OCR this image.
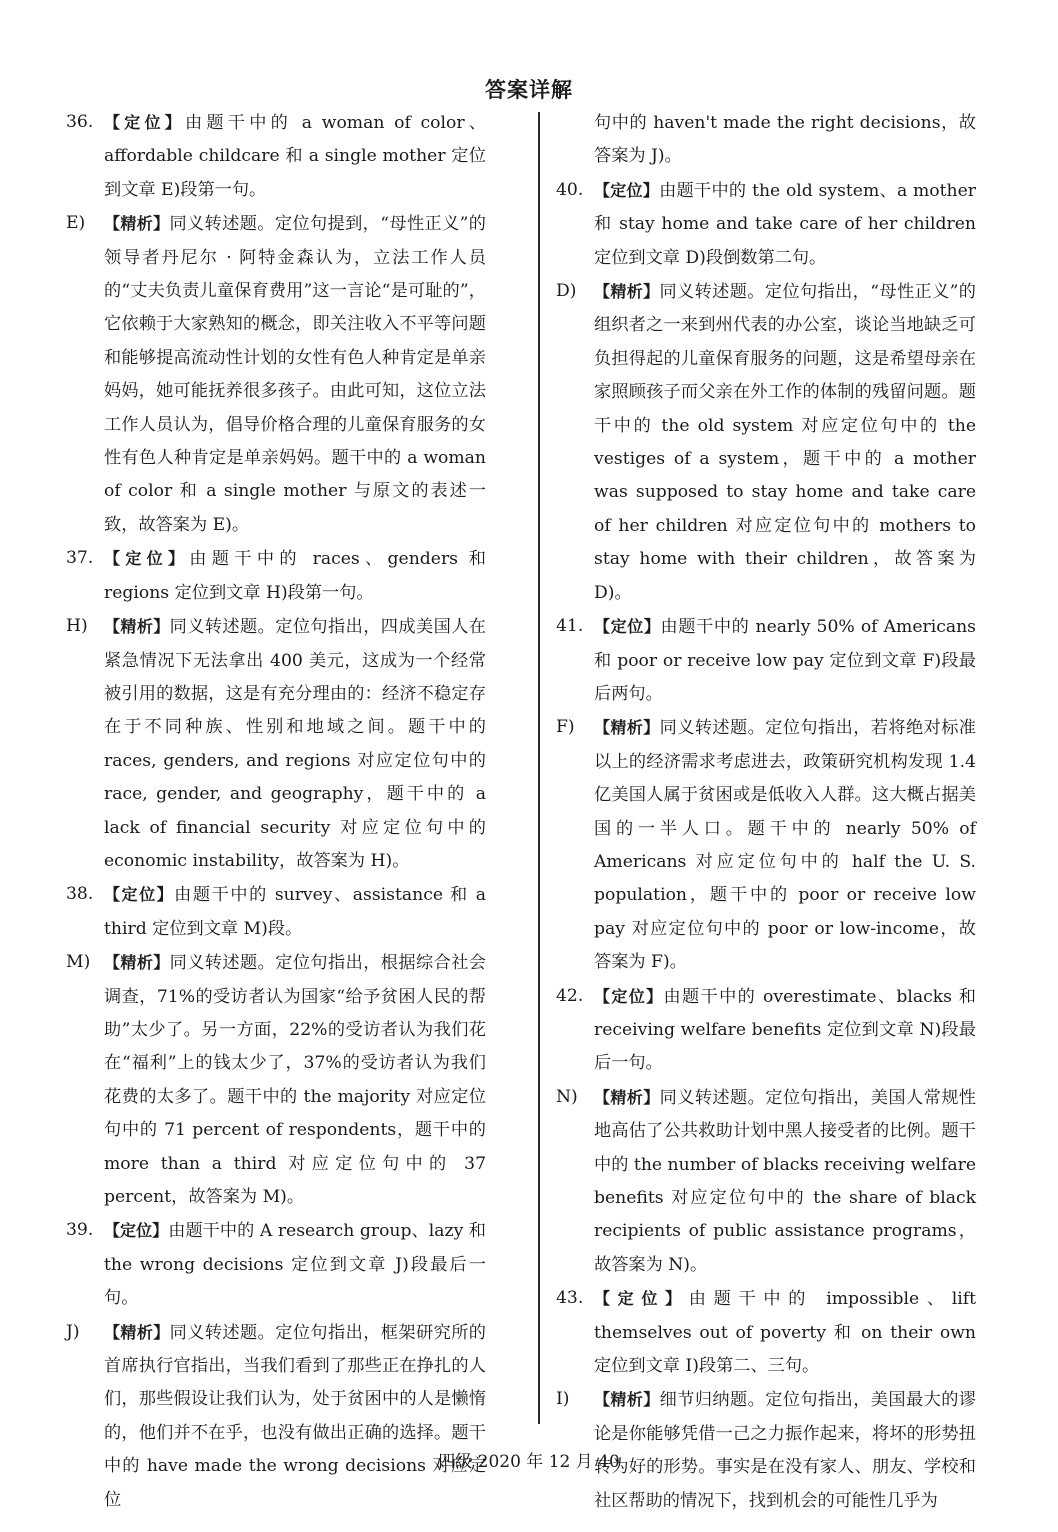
答案详解
36. 【定位】由题干中的 a woman of color、affordable childcare 和 a single mother 定位到文章 E)段第一句。
E)	【精析】同义转述题。定位句提到，“母性正义”的领导者丹尼尔 · 阿特金森认为，立法工作人员的“丈夫负责儿童保育费用”这一言论“是可耻的”，它依赖于大家熟知的概念，即关注收入不平等问题和能够提高流动性计划的女性有色人种肯定是单亲妈妈，她可能抚养很多孩子。由此可知，这位立法工作人员认为，倡导价格合理的儿童保育服务的女性有色人种肯定是单亲妈妈。题干中的 a woman of color 和 a single mother 与原文的表述一致，故答案为 E)。
37. 【定位】由题干中的 races、genders 和 regions 定位到文章 H)段第一句。
H)	【精析】同义转述题。定位句指出，四成美国人在紧急情况下无法拿出 400 美元，这成为一个经常被引用的数据，这是有充分理由的：经济不稳定存在于不同种族、性别和地域之间。题干中的 races, genders, and regions 对应定位句中的 race, gender, and geography，题干中的 a lack of financial security 对应定位句中的 economic instability，故答案为 H)。
38. 【定位】由题干中的 survey、assistance 和 a third 定位到文章 M)段。
M) 【精析】同义转述题。定位句指出，根据综合社会调查，71%的受访者认为国家“给予贫困人民的帮助”太少了。另一方面，22%的受访者认为我们花在“福利”上的钱太少了，37%的受访者认为我们花费的太多了。题干中的 the majority 对应定位句中的 71 percent of respondents，题干中的 more than a third 对应定位句中的 37 percent，故答案为 M)。
39. 【定位】由题干中的 A research group、lazy 和 the wrong decisions 定位到文章 J)段最后一句。
J)	【精析】同义转述题。定位句指出，框架研究所的首席执行官指出，当我们看到了那些正在挣扎的人们，那些假设让我们认为，处于贫困中的人是懒惰的，他们并不在乎，也没有做出正确的选择。题干中的 have made the wrong decisions 对应定位
句中的 haven't made the right decisions，故答案为 J)。
40. 【定位】由题干中的 the old system、a mother 和 stay home and take care of her children 定位到文章 D)段倒数第二句。
D)	【精析】同义转述题。定位句指出，“母性正义”的组织者之一来到州代表的办公室，谈论当地缺乏可负担得起的儿童保育服务的问题，这是希望母亲在家照顾孩子而父亲在外工作的体制的残留问题。题干中的 the old system 对应定位句中的 the vestiges of a system，题干中的 a mother was supposed to stay home and take care of her children 对应定位句中的 mothers to stay home with their children，故答案为 D)。
41. 【定位】由题干中的 nearly 50% of Americans 和 poor or receive low pay 定位到文章 F)段最后两句。
F)	【精析】同义转述题。定位句指出，若将绝对标准以上的经济需求考虑进去，政策研究机构发现 1.4 亿美国人属于贫困或是低收入人群。这大概占据美国的一半人口。题干中的 nearly 50% of Americans 对应定位句中的 half the U. S. population，题干中的 poor or receive low pay 对应定位句中的 poor or low-income，故答案为 F)。
42. 【定位】由题干中的 overestimate、blacks 和 receiving welfare benefits 定位到文章 N)段最后一句。
N)	【精析】同义转述题。定位句指出，美国人常规性地高估了公共救助计划中黑人接受者的比例。题干中的 the number of blacks receiving welfare benefits 对应定位句中的 the share of black recipients of public assistance programs，故答案为 N)。
43. 【定位】由题干中的 impossible、lift themselves out of poverty 和 on their own 定位到文章 I)段第二、三句。
I)	【精析】细节归纳题。定位句指出，美国最大的谬论是你能够凭借一己之力振作起来，将坏的形势扭转为好的形势。事实是在没有家人、朋友、学校和社区帮助的情况下，找到机会的可能性几乎为
四级 2020 年 12 月 40
